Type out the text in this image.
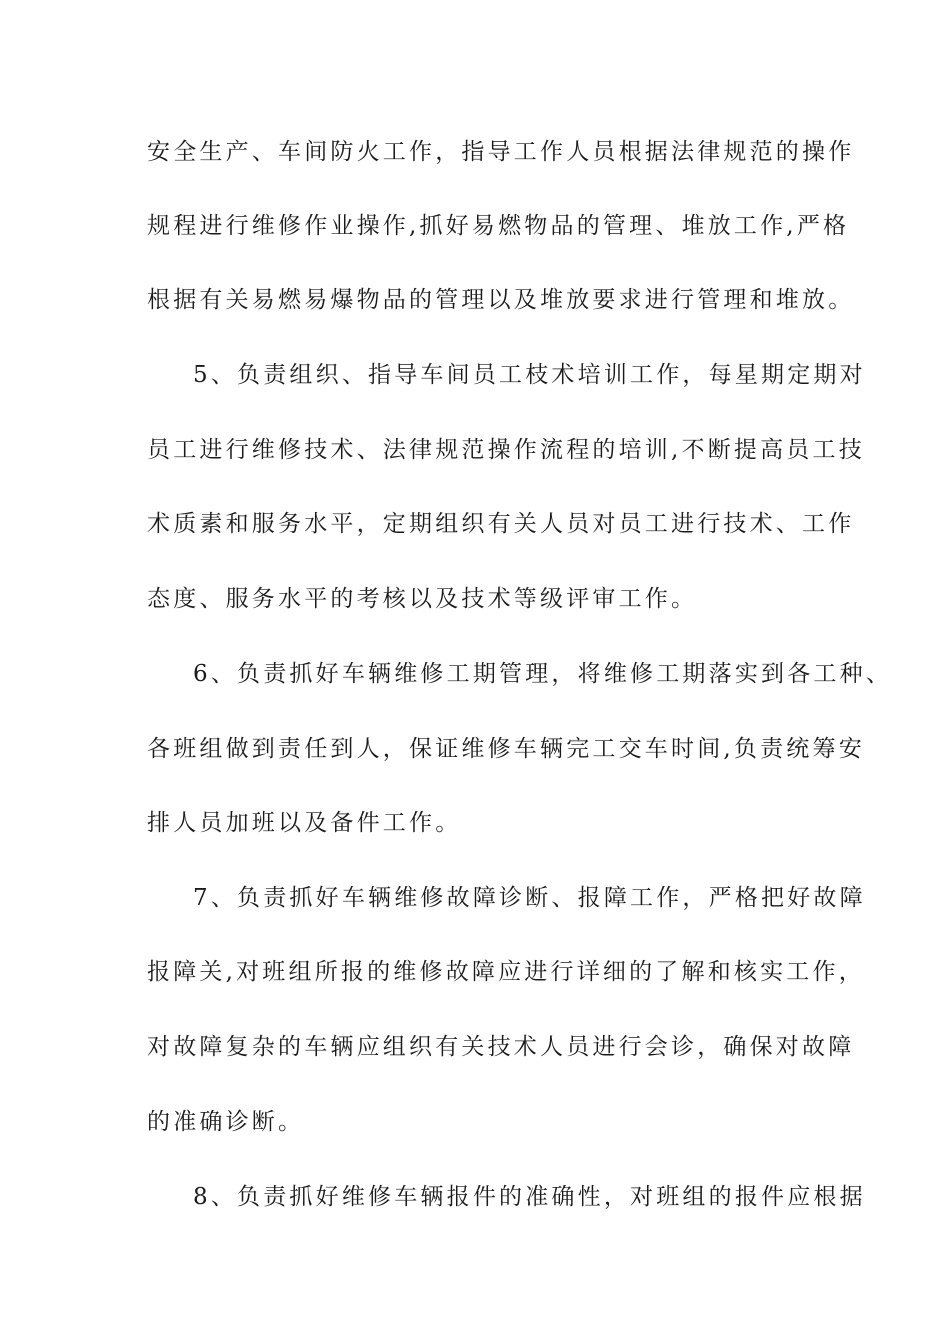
安全生产、车间防火工作，指导工作人员根据法律规范的操作
规程进行维修作业操作,抓好易燃物品的管理、堆放工作,严格
根据有关易燃易爆物品的管理以及堆放要求进行管理和堆放。
5、负责组织、指导车间员工枝术培训工作，每星期定期对
员工进行维修技术、法律规范操作流程的培训,不断提高员工技
术质素和服务水平，定期组织有关人员对员工进行技术、工作
态度、服务水平的考核以及技术等级评审工作。
6、负责抓好车辆维修工期管理，将维修工期落实到各工种、
各班组做到责任到人，保证维修车辆完工交车时间,负责统筹安
排人员加班以及备件工作。
7、负责抓好车辆维修故障诊断、报障工作，严格把好故障
报障关,对班组所报的维修故障应进行详细的了解和核实工作，
对故障复杂的车辆应组织有关技术人员进行会诊，确保对故障
的准确诊断。
8、负责抓好维修车辆报件的准确性，对班组的报件应根据
